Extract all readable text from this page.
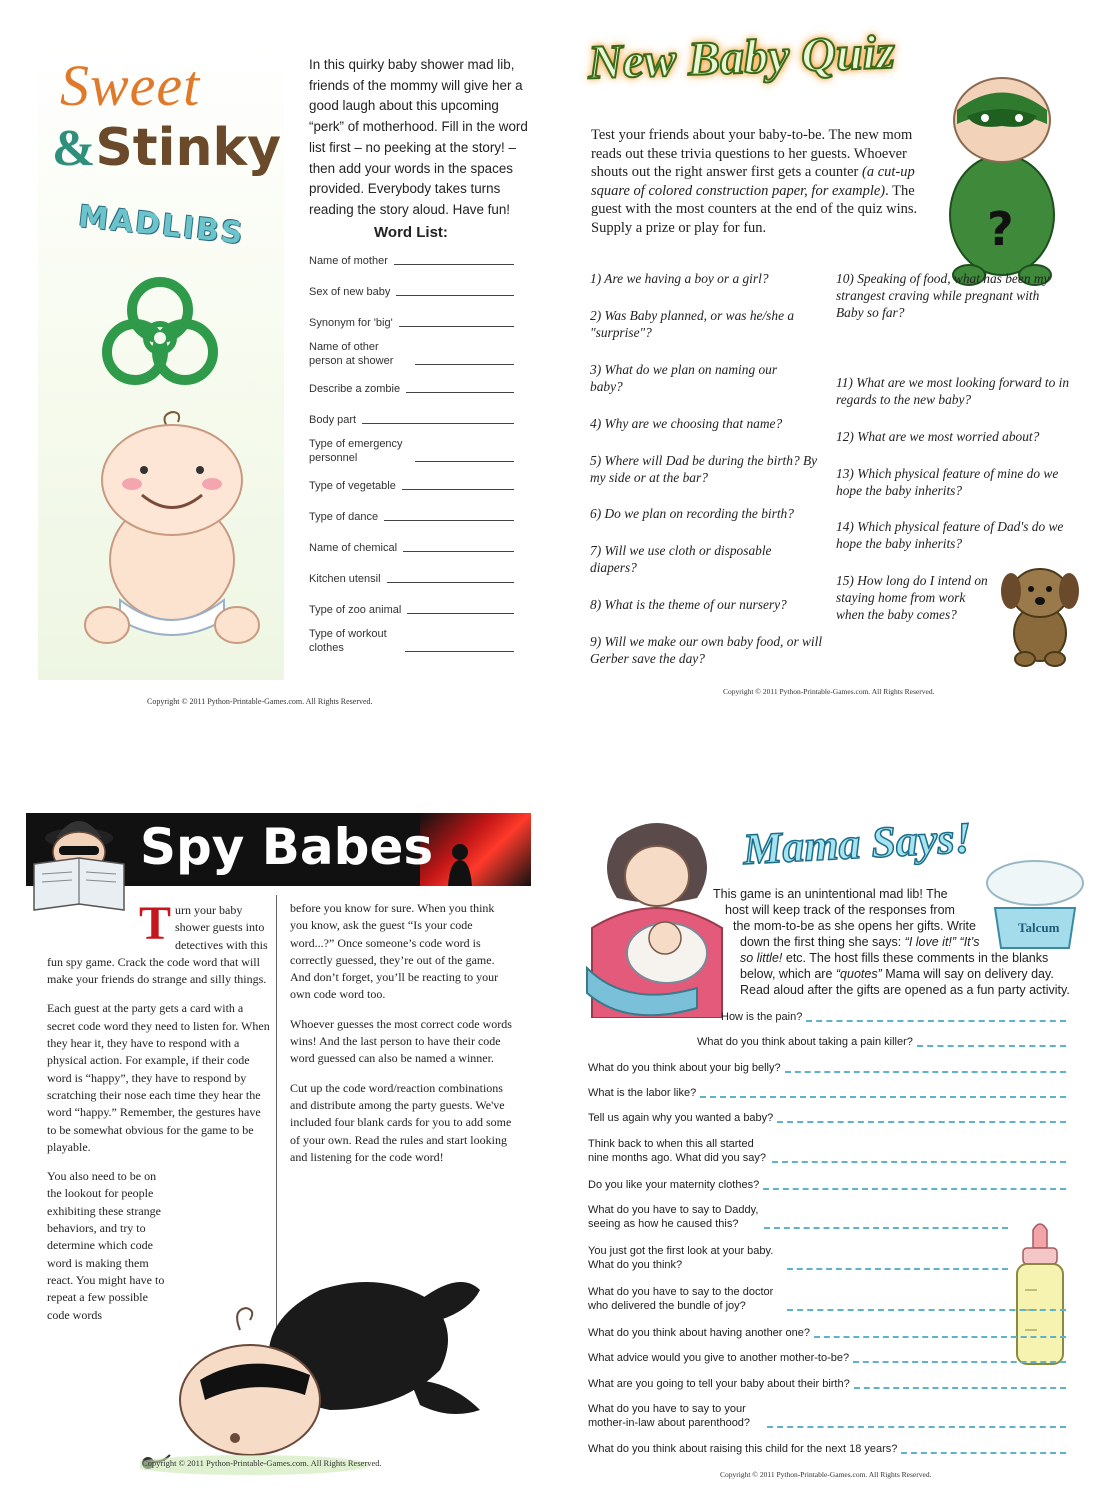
Sweet
&Stinky
MADLIBS
In this quirky baby shower mad lib, friends of the mommy will give her a good laugh about this upcoming “perk” of motherhood. Fill in the word list first – no peeking at the story! – then add your words in the spaces provided. Everybody takes turns reading the story aloud. Have fun!
Word List:
Name of mother
Sex of new baby
Synonym for 'big'
Name of other person at shower
Describe a zombie
Body part
Type of emergency personnel
Type of vegetable
Type of dance
Name of chemical
Kitchen utensil
Type of zoo animal
Type of workout clothes
Copyright © 2011 Python-Printable-Games.com. All Rights Reserved.
New Baby Quiz
?
Test your friends about your baby-to-be. The new mom reads out these trivia questions to her guests. Whoever shouts out the right answer first gets a counter (a cut-up square of colored construction paper, for example). The guest with the most counters at the end of the quiz wins. Supply a prize or play for fun.
1) Are we having a boy or a girl?
2) Was Baby planned, or was he/she a "surprise"?
3) What do we plan on naming our baby?
4) Why are we choosing that name?
5) Where will Dad be during the birth? By my side or at the bar?
6) Do we plan on recording the birth?
7) Will we use cloth or disposable diapers?
8) What is the theme of our nursery?
9) Will we make our own baby food, or will Gerber save the day?
10) Speaking of food, what has been my strangest craving while pregnant with Baby so far?
11) What are we most looking forward to in regards to the new baby?
12) What are we most worried about?
13) Which physical feature of mine do we hope the baby inherits?
14) Which physical feature of Dad's do we hope the baby inherits?
15) How long do I intend on staying home from work when the baby comes?
Copyright © 2011 Python-Printable-Games.com. All Rights Reserved.
Spy Babes
T urn your baby shower guests into detectives with this fun spy game. Crack the code word that will make your friends do strange and silly things.

Each guest at the party gets a card with a secret code word they need to listen for. When they hear it, they have to respond with a physical action. For example, if their code word is “happy”, they have to respond by scratching their nose each time they hear the word “happy.” Remember, the gestures have to be somewhat obvious for the game to be playable.

You also need to be on the lookout for people exhibiting these strange behaviors, and try to determine which code word is making them react. You might have to repeat a few possible code words

before you know for sure. When you think you know, ask the guest “Is your code word...?” Once someone’s code word is correctly guessed, they’re out of the game. And don’t forget, you’ll be reacting to your own code word too.

Whoever guesses the most correct code words wins! And the last person to have their code word guessed can also be named a winner.

Cut up the code word/reaction combinations and distribute among the party guests. We've included four blank cards for you to add some of your own. Read the rules and start looking and listening for the code word!

Copyright © 2011 Python-Printable-Games.com. All Rights Reserved.
Mama Says!
Talcum
This game is an unintentional mad lib! The
host will keep track of the responses from
the mom-to-be as she opens her gifts. Write
down the first thing she says: “I love it!” “It’s
so little! etc. The host fills these comments in the blanks
below, which are “quotes” Mama will say on delivery day.
Read aloud after the gifts are opened as a fun party activity.
How is the pain?
What do you think about taking a pain killer?
What do you think about your big belly?
What is the labor like?
Tell us again why you wanted a baby?
Think back to when this all started nine months ago. What did you say?
Do you like your maternity clothes?
What do you have to say to Daddy, seeing as how he caused this?
You just got the first look at your baby. What do you think?
What do you have to say to the doctor who delivered the bundle of joy?
What do you think about having another one?
What advice would you give to another mother-to-be?
What are you going to tell your baby about their birth?
What do you have to say to your mother-in-law about parenthood?
What do you think about raising this child for the next 18 years?
Copyright © 2011 Python-Printable-Games.com. All Rights Reserved.
